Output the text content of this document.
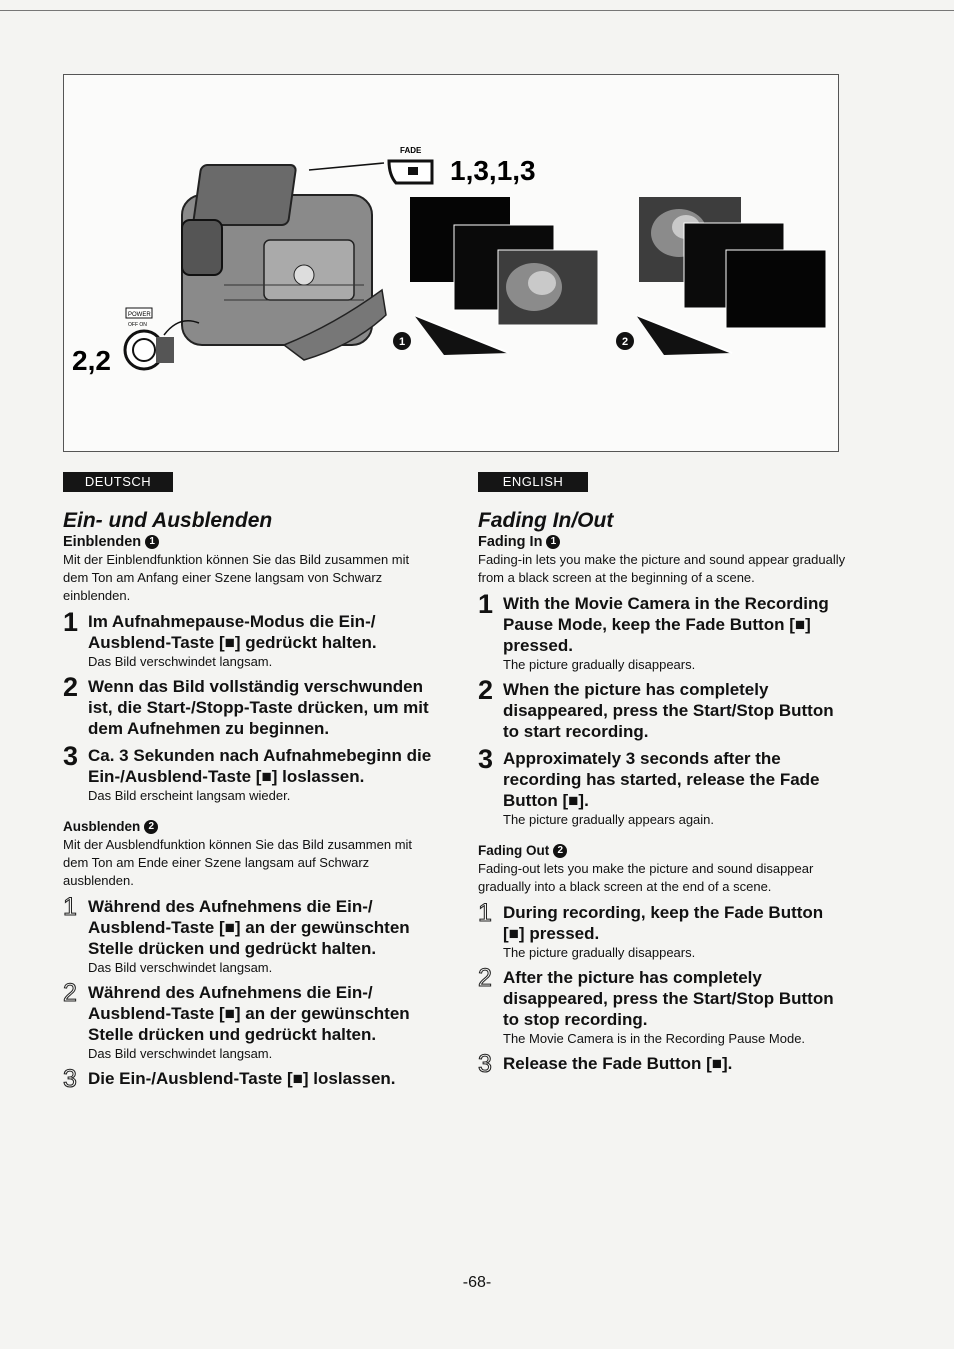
FADE
1,3,1,3
POWER
OFF ON
2,2
1	2
DEUTSCH
Ein- und Ausblenden

Einblenden 1

Mit der Einblendfunktion können Sie das Bild zusammen mit dem Ton am Anfang einer Szene langsam von Schwarz einblenden.

1 Im Aufnahmepause-Modus die Ein-/ Ausblend-Taste [■] gedrückt halten.

Das Bild verschwindet langsam.

2 Wenn das Bild vollständig verschwunden ist, die Start-/Stopp-Taste drücken, um mit dem Aufnehmen zu beginnen.

3 Ca. 3 Sekunden nach Aufnahmebeginn die Ein-/Ausblend-Taste [■] loslassen.

Das Bild erscheint langsam wieder.

Ausblenden 2

Mit der Ausblendfunktion können Sie das Bild zusammen mit dem Ton am Ende einer Szene langsam auf Schwarz ausblenden.

1 Während des Aufnehmens die Ein-/ Ausblend-Taste [■] an der gewünschten Stelle drücken und gedrückt halten.

Das Bild verschwindet langsam.

2 Während des Aufnehmens die Ein-/ Ausblend-Taste [■] an der gewünschten Stelle drücken und gedrückt halten.

Das Bild verschwindet langsam.

3 Die Ein-/Ausblend-Taste [■] loslassen.

ENGLISH
Fading In/Out

Fading In 1

Fading-in lets you make the picture and sound appear gradually from a black screen at the beginning of a scene.

1 With the Movie Camera in the Recording Pause Mode, keep the Fade Button [■] pressed.

The picture gradually disappears.

2 When the picture has completely disappeared, press the Start/Stop Button to start recording.

3 Approximately 3 seconds after the recording has started, release the Fade Button [■].

The picture gradually appears again.

Fading Out 2

Fading-out lets you make the picture and sound disappear gradually into a black screen at the end of a scene.

1 During recording, keep the Fade Button [■] pressed.

The picture gradually disappears.

2 After the picture has completely disappeared, press the Start/Stop Button to stop recording.

The Movie Camera is in the Recording Pause Mode.

3 Release the Fade Button [■].

-68-
